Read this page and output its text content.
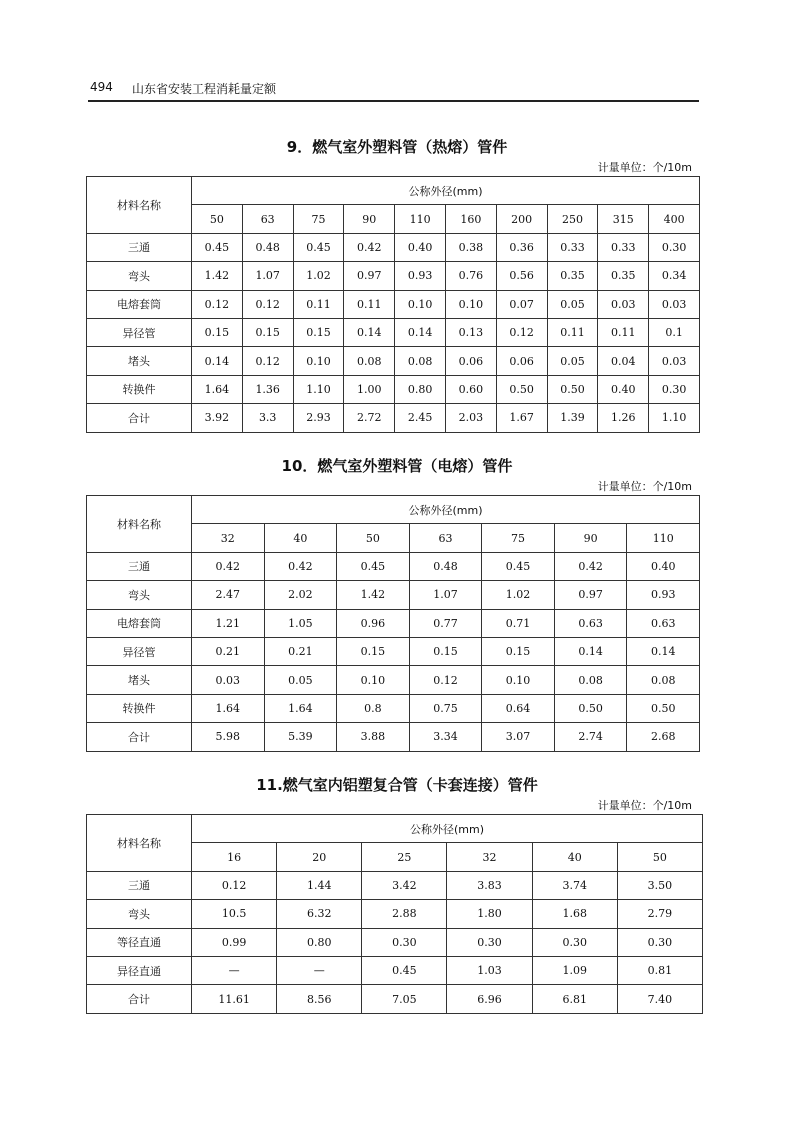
494 山东省安装工程消耗量定额
9．燃气室外塑料管（热熔）管件
计量单位：个/10m
材料名称	公称外径(mm)									
	50	63	75	90	110	160	200	250	315	400
三通	0.45	0.48	0.45	0.42	0.40	0.38	0.36	0.33	0.33	0.30
弯头	1.42	1.07	1.02	0.97	0.93	0.76	0.56	0.35	0.35	0.34
电熔套筒	0.12	0.12	0.11	0.11	0.10	0.10	0.07	0.05	0.03	0.03
异径管	0.15	0.15	0.15	0.14	0.14	0.13	0.12	0.11	0.11	0.1
堵头	0.14	0.12	0.10	0.08	0.08	0.06	0.06	0.05	0.04	0.03
转换件	1.64	1.36	1.10	1.00	0.80	0.60	0.50	0.50	0.40	0.30
合计	3.92	3.3	2.93	2.72	2.45	2.03	1.67	1.39	1.26	1.10
10．燃气室外塑料管（电熔）管件
计量单位：个/10m
材料名称	公称外径(mm)						
	32	40	50	63	75	90	110
三通	0.42	0.42	0.45	0.48	0.45	0.42	0.40
弯头	2.47	2.02	1.42	1.07	1.02	0.97	0.93
电熔套筒	1.21	1.05	0.96	0.77	0.71	0.63	0.63
异径管	0.21	0.21	0.15	0.15	0.15	0.14	0.14
堵头	0.03	0.05	0.10	0.12	0.10	0.08	0.08
转换件	1.64	1.64	0.8	0.75	0.64	0.50	0.50
合计	5.98	5.39	3.88	3.34	3.07	2.74	2.68
11.燃气室内铝塑复合管（卡套连接）管件
计量单位：个/10m
材料名称	公称外径(mm)					
	16	20	25	32	40	50
三通	0.12	1.44	3.42	3.83	3.74	3.50
弯头	10.5	6.32	2.88	1.80	1.68	2.79
等径直通	0.99	0.80	0.30	0.30	0.30	0.30
异径直通	—	—	0.45	1.03	1.09	0.81
合计	11.61	8.56	7.05	6.96	6.81	7.40
